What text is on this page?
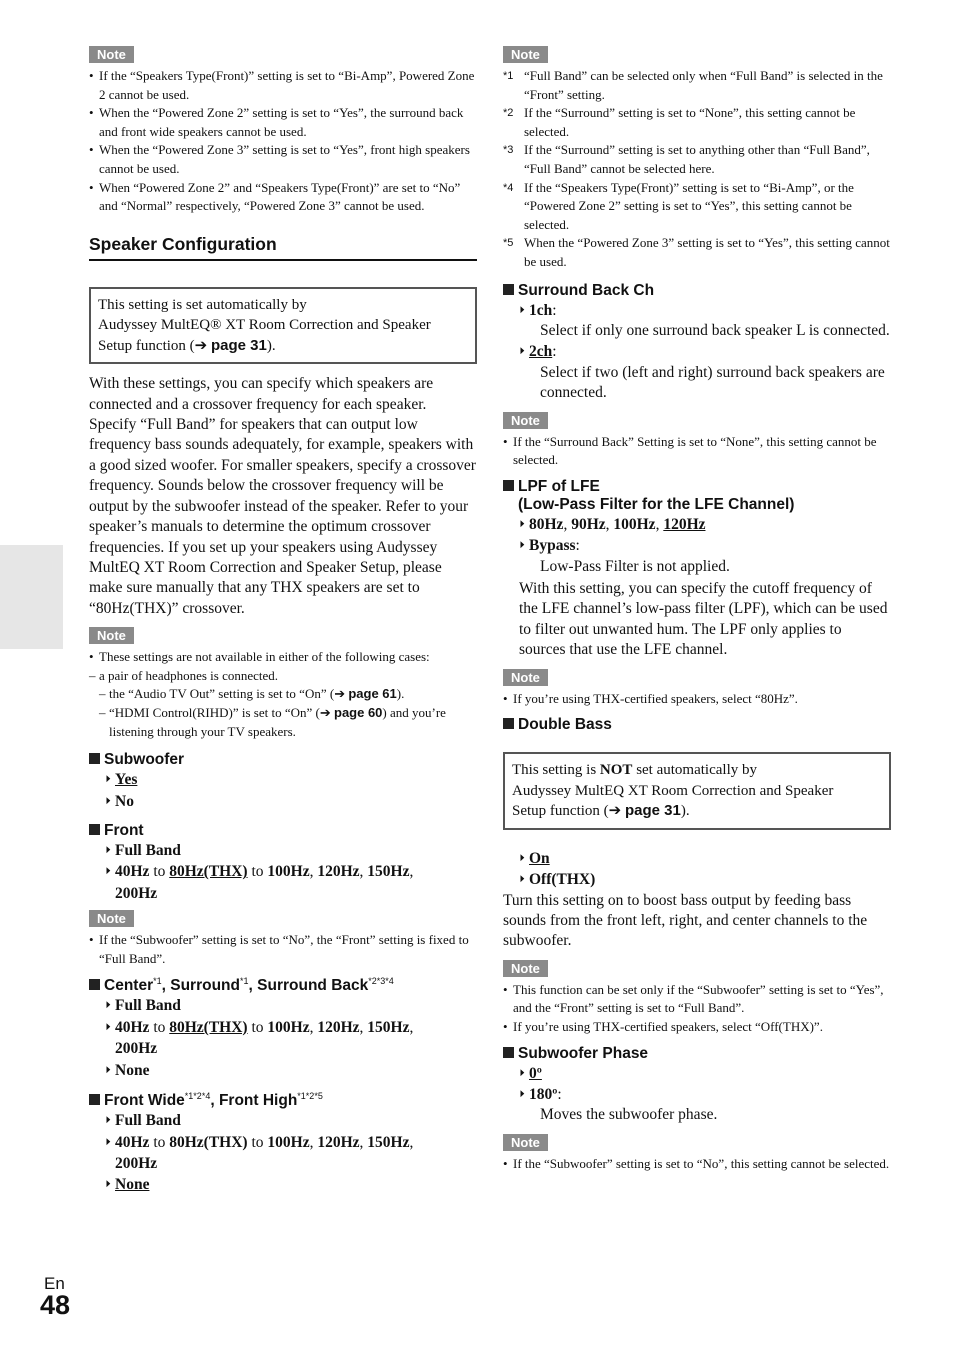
Note
• If the “Speakers Type(Front)” setting is set to “Bi-Amp”, Powered Zone 2 cannot be used.
• When the “Powered Zone 2” setting is set to “Yes”, the surround back and front wide speakers cannot be used.
• When the “Powered Zone 3” setting is set to “Yes”, front high speakers cannot be used.
• When “Powered Zone 2” and “Speakers Type(Front)” are set to “No” and “Normal” respectively, “Powered Zone 3” cannot be used.
Speaker Configuration
This setting is set automatically by
Audyssey MultEQ® XT Room Correction and Speaker
Setup function (➔ page 31).

With these settings, you can specify which speakers are connected and a crossover frequency for each speaker. Specify “Full Band” for speakers that can output low frequency bass sounds adequately, for example, speakers with a good sized woofer. For smaller speakers, specify a crossover frequency. Sounds below the crossover frequency will be output by the subwoofer instead of the speaker. Refer to your speaker’s manuals to determine the optimum crossover frequencies. If you set up your speakers using Audyssey MultEQ XT Room Correction and Speaker Setup, please make sure manually that any THX speakers are set to “80Hz(THX)” crossover.

Note
• These settings are not available in either of the following cases:
– a pair of headphones is connected.
– the “Audio TV Out” setting is set to “On” (➔ page 61).
– “HDMI Control(RIHD)” is set to “On” (➔ page 60) and you’re listening through your TV speakers.
Subwoofer
▶ Yes
▶ No
Front
▶ Full Band
▶ 40Hz to 80Hz(THX) to 100Hz, 120Hz, 150Hz,
200Hz
Note
• If the “Subwoofer” setting is set to “No”, the “Front” setting is fixed to “Full Band”.
Center$^{*1}$, Surround$^{*1}$, Surround Back$^{*2*3*4}$
▶ Full Band
▶ 40Hz to 80Hz(THX) to 100Hz, 120Hz, 150Hz,
200Hz
▶ None
Front Wide$^{*1*2*4}$, Front High$^{*1*2*5}$
▶ Full Band
▶ 40Hz to 80Hz(THX) to 100Hz, 120Hz, 150Hz,
200Hz
▶ None
Note
*1 “Full Band” can be selected only when “Full Band” is selected in the “Front” setting.
*2 If the “Surround” setting is set to “None”, this setting cannot be selected.
*3 If the “Surround” setting is set to anything other than “Full Band”, “Full Band” cannot be selected here.
*4 If the “Speakers Type(Front)” setting is set to “Bi-Amp”, or the “Powered Zone 2” setting is set to “Yes”, this setting cannot be selected.
*5 When the “Powered Zone 3” setting is set to “Yes”, this setting cannot be used.
Surround Back Ch
▶ 1ch:
Select if only one surround back speaker L is connected.
▶ 2ch:
Select if two (left and right) surround back speakers are connected.
Note
• If the “Surround Back” Setting is set to “None”, this setting cannot be selected.
LPF of LFE
(Low-Pass Filter for the LFE Channel)
▶ 80Hz, 90Hz, 100Hz, 120Hz
▶ Bypass:
Low-Pass Filter is not applied.

With this setting, you can specify the cutoff frequency of the LFE channel’s low-pass filter (LPF), which can be used to filter out unwanted hum. The LPF only applies to sources that use the LFE channel.

Note
• If you’re using THX-certified speakers, select “80Hz”.
Double Bass
This setting is NOT set automatically by
Audyssey MultEQ XT Room Correction and Speaker
Setup function (➔ page 31).
▶ On
▶ Off(THX)

Turn this setting on to boost bass output by feeding bass sounds from the front left, right, and center channels to the subwoofer.

Note
• This function can be set only if the “Subwoofer” setting is set to “Yes”, and the “Front” setting is set to “Full Band”.
• If you’re using THX-certified speakers, select “Off(THX)”.
Subwoofer Phase
▶ 0º
▶ 180º:
Moves the subwoofer phase.
Note
• If the “Subwoofer” setting is set to “No”, this setting cannot be selected.
En
48
